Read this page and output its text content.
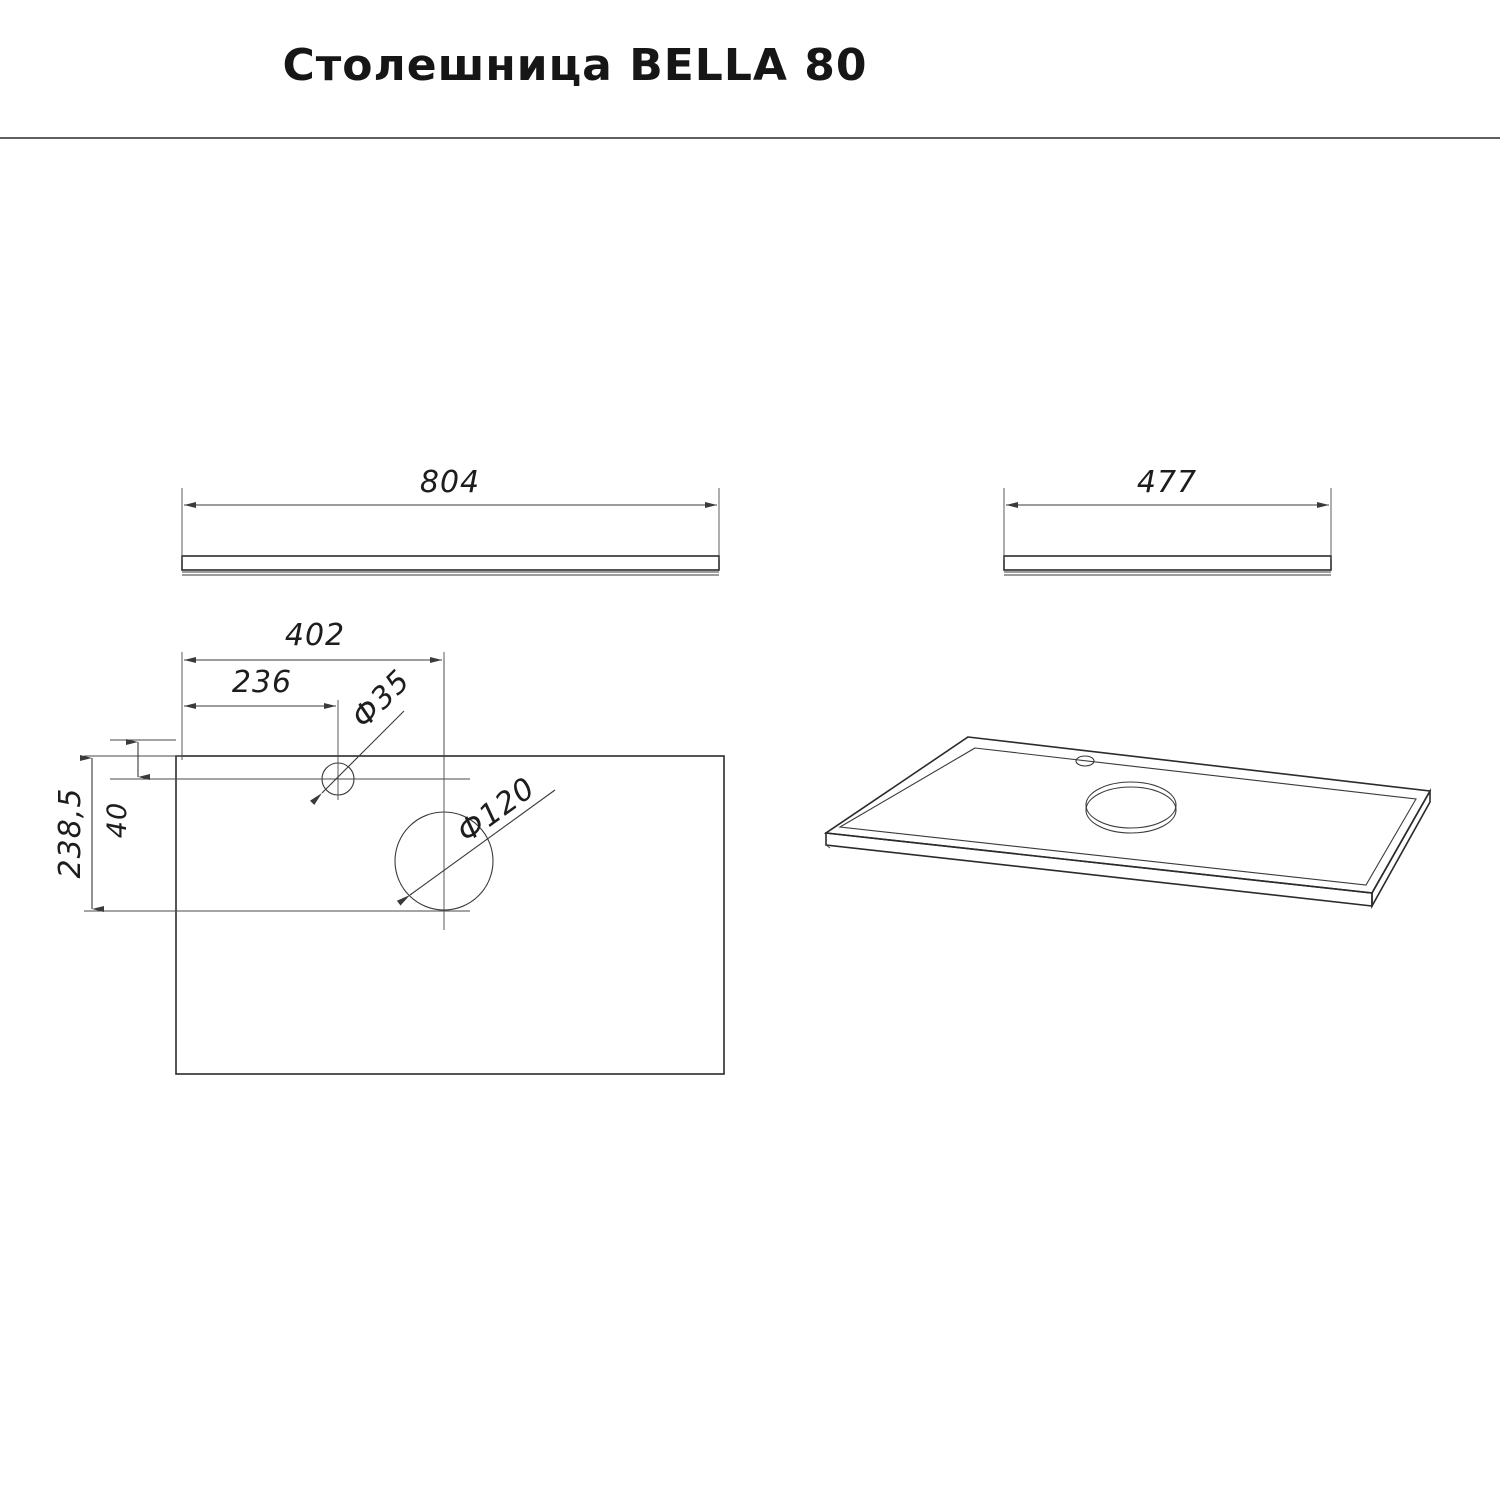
Столешница BELLA 80
804	477
402
236
238,5 40
Ф35
Ф120
